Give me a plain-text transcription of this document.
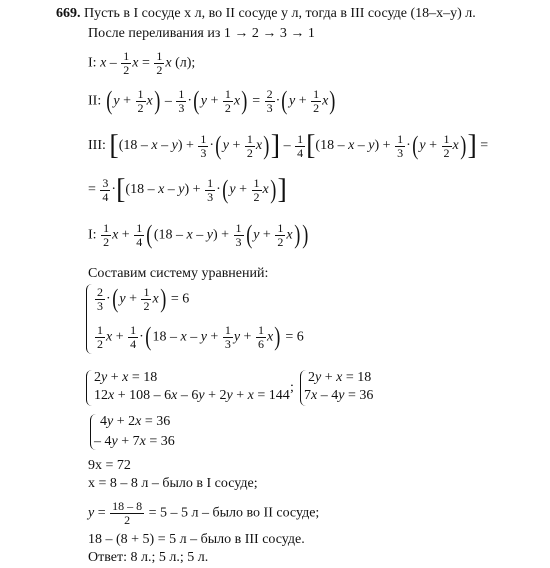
669. Пусть в I сосуде x л, во II сосуде y л, тогда в III сосуде (18–x–y) л.
После переливания из 1 → 2 → 3 → 1
I: x – $\frac{1}{2}$ $x = \frac{1}{2}$ x (л);
II: $(y + \frac{1}{2} x) - \frac{1}{3} \cdot(y + \frac{1}{2} x) = \frac{2}{3} \cdot(y + \frac{1}{2} x)$
III: $[(18 - x - y) + \frac{1}{3} \cdot(y + \frac{1}{2} x)] - \frac{1}{4} [(18 - x - y) + \frac{1}{3} \cdot(y + \frac{1}{2} x)]$ =
= $\frac{3}{4} \cdot[(18 - x - y) + \frac{1}{3} \cdot(y + \frac{1}{2} x)]$
I: $\frac{1}{2}$ $x + \frac{1}{4} ((18 - x - y) + \frac{1}{3} (y + \frac{1}{2} x)$ )
Составим систему уравнений:
$\frac{2}{3} \cdot(y + \frac{1}{2} x) = 6$
$\frac{1}{2}$ $x + \frac{1}{4} \cdot(18 - x - y + \frac{1}{3}$ $y + \frac{1}{6} x) = 6$
2y + x = 18
12x + 108 – 6x – 6y + 2y + x = 144
;
2y + x = 18
7x – 4y = 36
4y + 2x = 36
– 4y + 7x = 36
9x = 72
x = 8 – 8 л – было в I сосуде;
$y = \frac{18 - 8}{2} = 5 - 5$ л – было во II сосуде;
18 – (8 + 5) = 5 л – было в III сосуде.
Ответ: 8 л.; 5 л.; 5 л.
